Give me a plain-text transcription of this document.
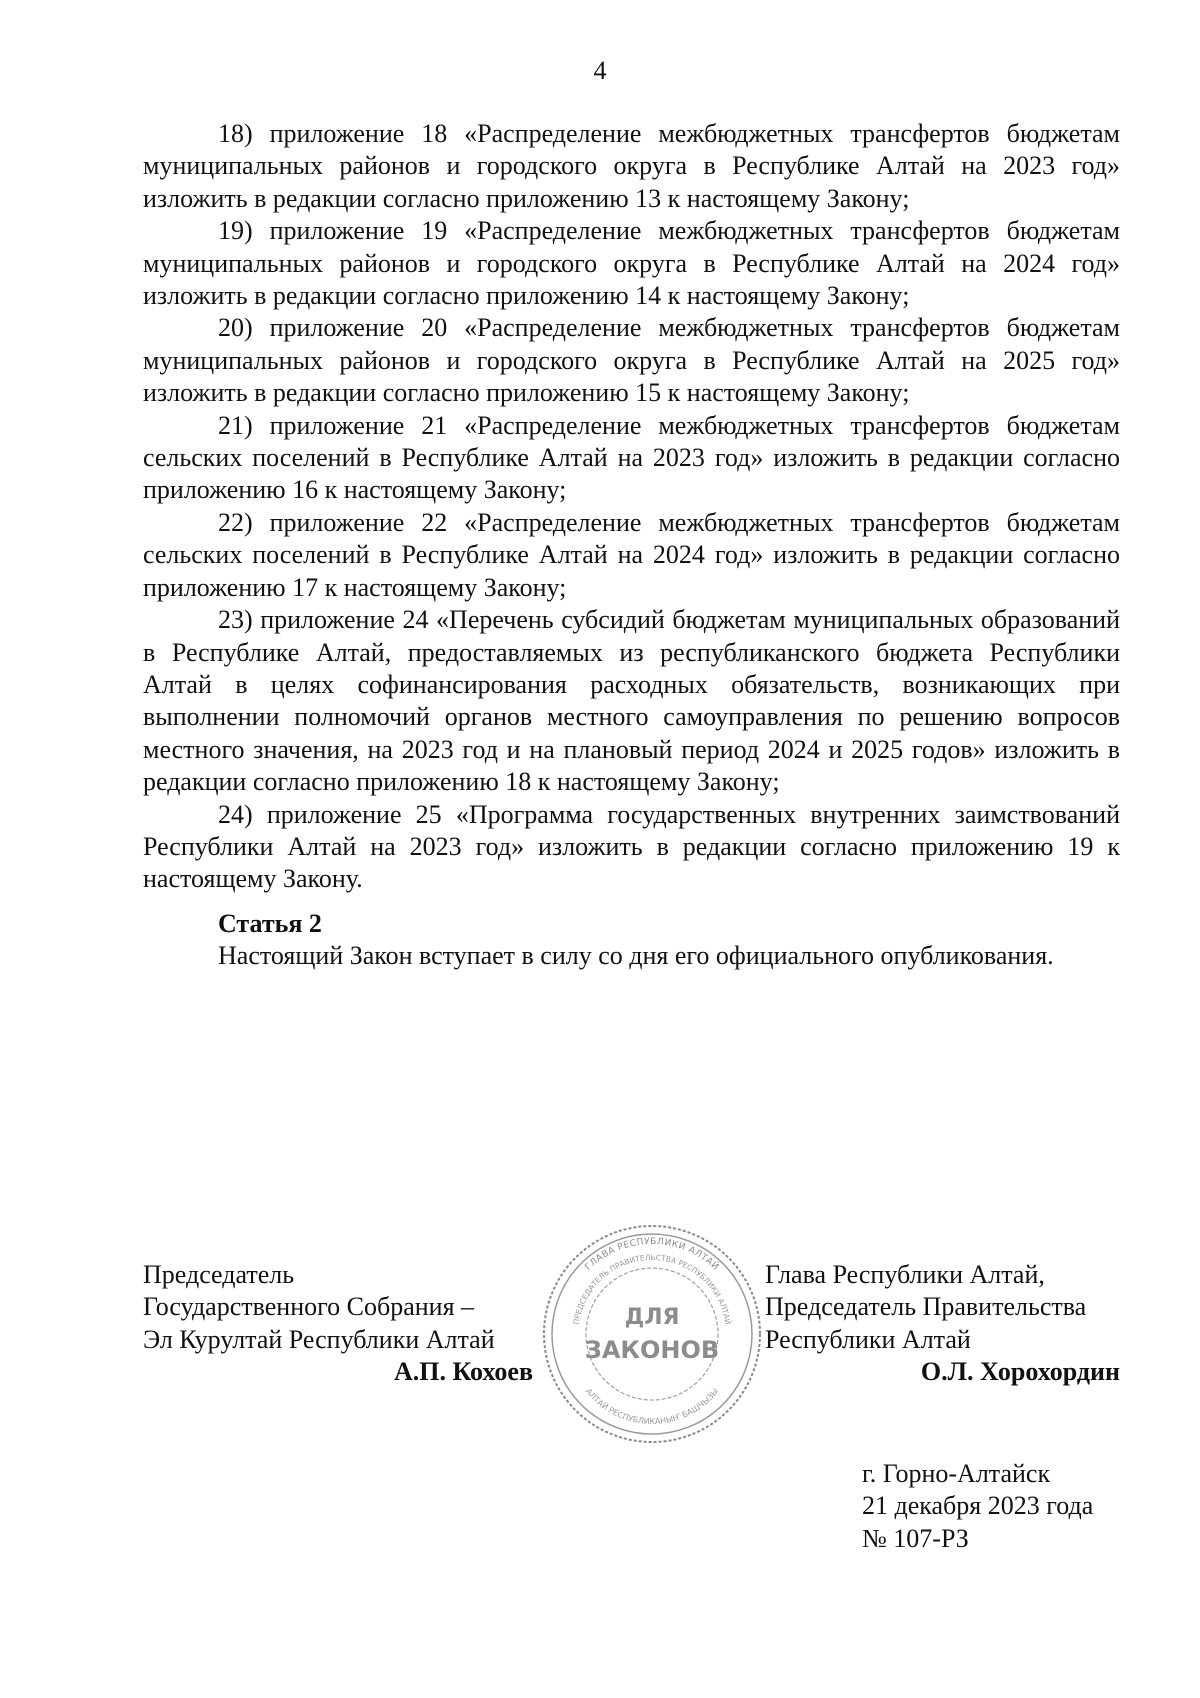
4

18) приложение 18 «Распределение межбюджетных трансфертов бюджетам муниципальных районов и городского округа в Республике Алтай на 2023 год» изложить в редакции согласно приложению 13 к настоящему Закону;

19) приложение 19 «Распределение межбюджетных трансфертов бюджетам муниципальных районов и городского округа в Республике Алтай на 2024 год» изложить в редакции согласно приложению 14 к настоящему Закону;

20) приложение 20 «Распределение межбюджетных трансфертов бюджетам муниципальных районов и городского округа в Республике Алтай на 2025 год» изложить в редакции согласно приложению 15 к настоящему Закону;

21) приложение 21 «Распределение межбюджетных трансфертов бюджетам сельских поселений в Республике Алтай на 2023 год» изложить в редакции согласно приложению 16 к настоящему Закону;

22) приложение 22 «Распределение межбюджетных трансфертов бюджетам сельских поселений в Республике Алтай на 2024 год» изложить в редакции согласно приложению 17 к настоящему Закону;

23) приложение 24 «Перечень субсидий бюджетам муниципальных образований в Республике Алтай, предоставляемых из республиканского бюджета Республики Алтай в целях софинансирования расходных обязательств, возникающих при выполнении полномочий органов местного самоуправления по решению вопросов местного значения, на 2023 год и на плановый период 2024 и 2025 годов» изложить в редакции согласно приложению 18 к настоящему Закону;

24) приложение 25 «Программа государственных внутренних заимствований Республики Алтай на 2023 год» изложить в редакции согласно приложению 19 к настоящему Закону.

Статья 2

Настоящий Закон вступает в силу со дня его официального опубликования.

Председатель
Государственного Собрания –
Эл Курултай Республики Алтай
А.П. Кохоев
ГЛАВА РЕСПУБЛИКИ АЛТАЙ
ПРЕДСЕДАТЕЛЬ ПРАВИТЕЛЬСТВА РЕСПУБЛИКИ АЛТАЙ
АЛТАЙ РЕСПУБЛИКАНЫҤ БАШЧЫЗЫ
ДЛЯ
ЗАКОНОВ
Глава Республики Алтай,
Председатель Правительства
Республики Алтай
О.Л. Хорохордин
г. Горно-Алтайск
21 декабря 2023 года
№ 107-РЗ
